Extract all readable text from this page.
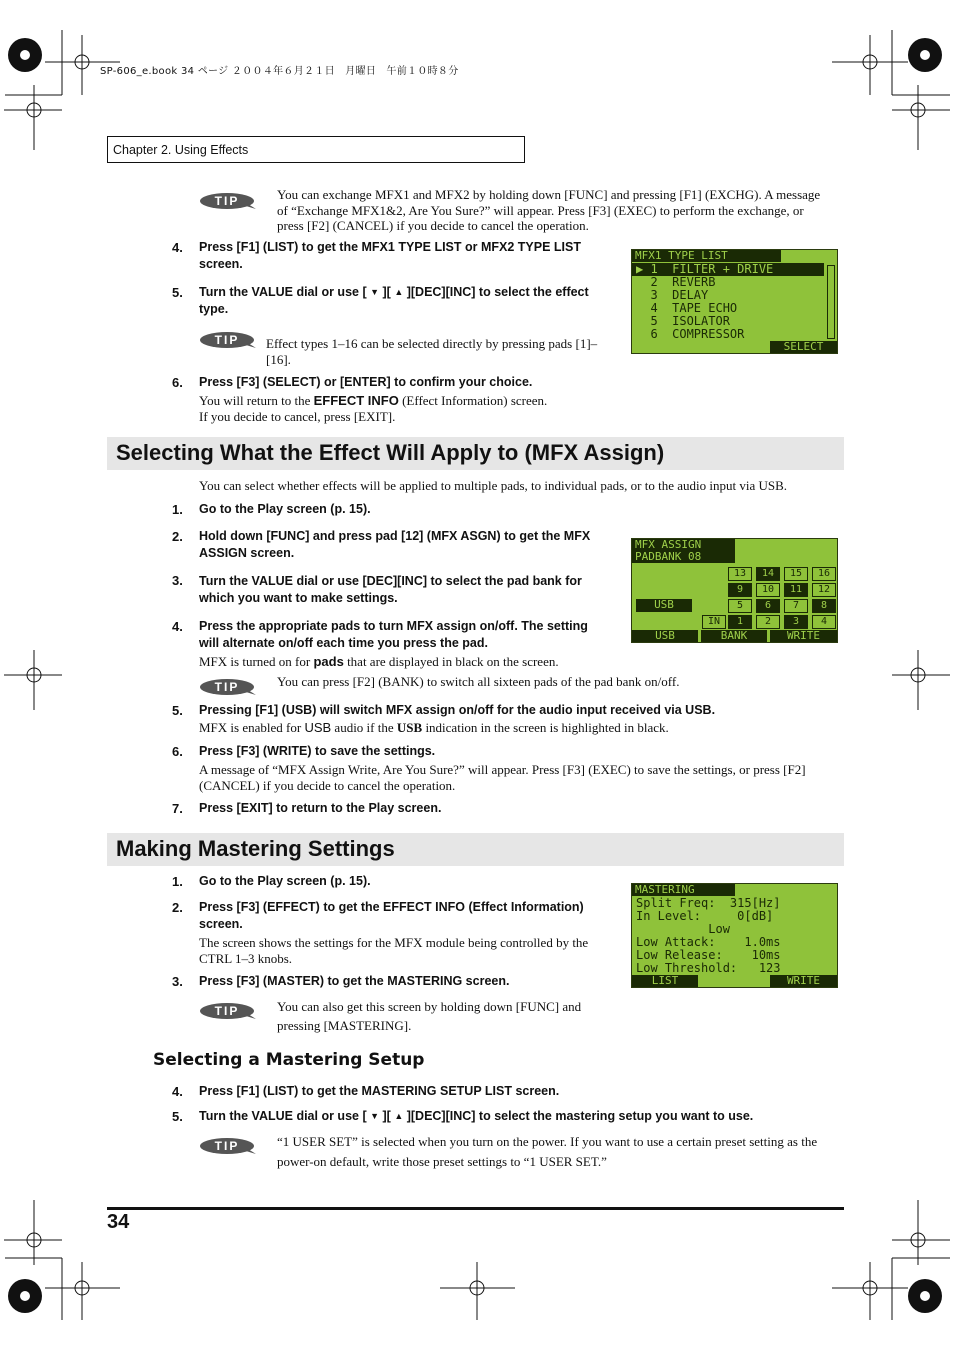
SP-606_e.book 34 ページ ２００４年６月２１日　月曜日　午前１０時８分
Chapter 2. Using Effects
TIP	You can exchange MFX1 and MFX2 by holding down [FUNC] and pressing [F1] (EXCHG). A message of “Exchange MFX1&2, Are You Sure?” will appear. Press [F3] (EXEC) to perform the exchange, or press [F2] (CANCEL) if you decide to cancel the operation.
4. Press [F1] (LIST) to get the MFX1 TYPE LIST or MFX2 TYPE LIST screen.
5. Turn the VALUE dial or use [ ▼ ][ ▲ ][DEC][INC] to select the effect type.
TIP Effect types 1–16 can be selected directly by pressing pads [1]–[16].
6. Press [F3] (SELECT) or [ENTER] to confirm your choice.
You will return to the EFFECT INFO (Effect Information) screen.
If you decide to cancel, press [EXIT].
MFX1 TYPE LIST
▶ 1  FILTER + DRIVE
2  REVERB
3  DELAY
4  TAPE ECHO
5  ISOLATOR
6  COMPRESSOR
SELECT
Selecting What the Effect Will Apply to (MFX Assign)
You can select whether effects will be applied to multiple pads, to individual pads, or to the audio input via USB.
1. Go to the Play screen (p. 15).
2. Hold down [FUNC] and press pad [12] (MFX ASGN) to get the MFX ASSIGN screen.
3. Turn the VALUE dial or use [DEC][INC] to select the pad bank for which you want to make settings.
4. Press the appropriate pads to turn MFX assign on/off. The setting will alternate on/off each time you press the pad.
MFX is turned on for pads that are displayed in black on the screen.
TIP	You can press [F2] (BANK) to switch all sixteen pads of the pad bank on/off.
5. Pressing [F1] (USB) will switch MFX assign on/off for the audio input received via USB.
MFX is enabled for USB audio if the USB indication in the screen is highlighted in black.
6. Press [F3] (WRITE) to save the settings.
A message of “MFX Assign Write, Are You Sure?” will appear. Press [F3] (EXEC) to save the settings, or press [F2] (CANCEL) if you decide to cancel the operation.
7. Press [EXIT] to return to the Play screen.
MFX ASSIGN
PADBANK 08
13	14	15	16
9	10	11	12
USB	5	6	7	8
IN	1	2	3	4
USB	BANK	WRITE
Making Mastering Settings
1. Go to the Play screen (p. 15).
2. Press [F3] (EFFECT) to get the EFFECT INFO (Effect Information) screen.
The screen shows the settings for the MFX module being controlled by the CTRL 1–3 knobs.
3. Press [F3] (MASTER) to get the MASTERING screen.
TIP	You can also get this screen by holding down [FUNC] and pressing [MASTERING].
MASTERING
Split Freq:  315[Hz]
In Level:     0[dB]
Low
Low Attack:    1.0ms
Low Release:    10ms
Low Threshold:   123
LIST	WRITE
Selecting a Mastering Setup
4. Press [F1] (LIST) to get the MASTERING SETUP LIST screen.
5. Turn the VALUE dial or use [ ▼ ][ ▲ ][DEC][INC] to select the mastering setup you want to use.
TIP	“1 USER SET” is selected when you turn on the power. If you want to use a certain preset setting as the power-on default, write those preset settings to “1 USER SET.”
34
